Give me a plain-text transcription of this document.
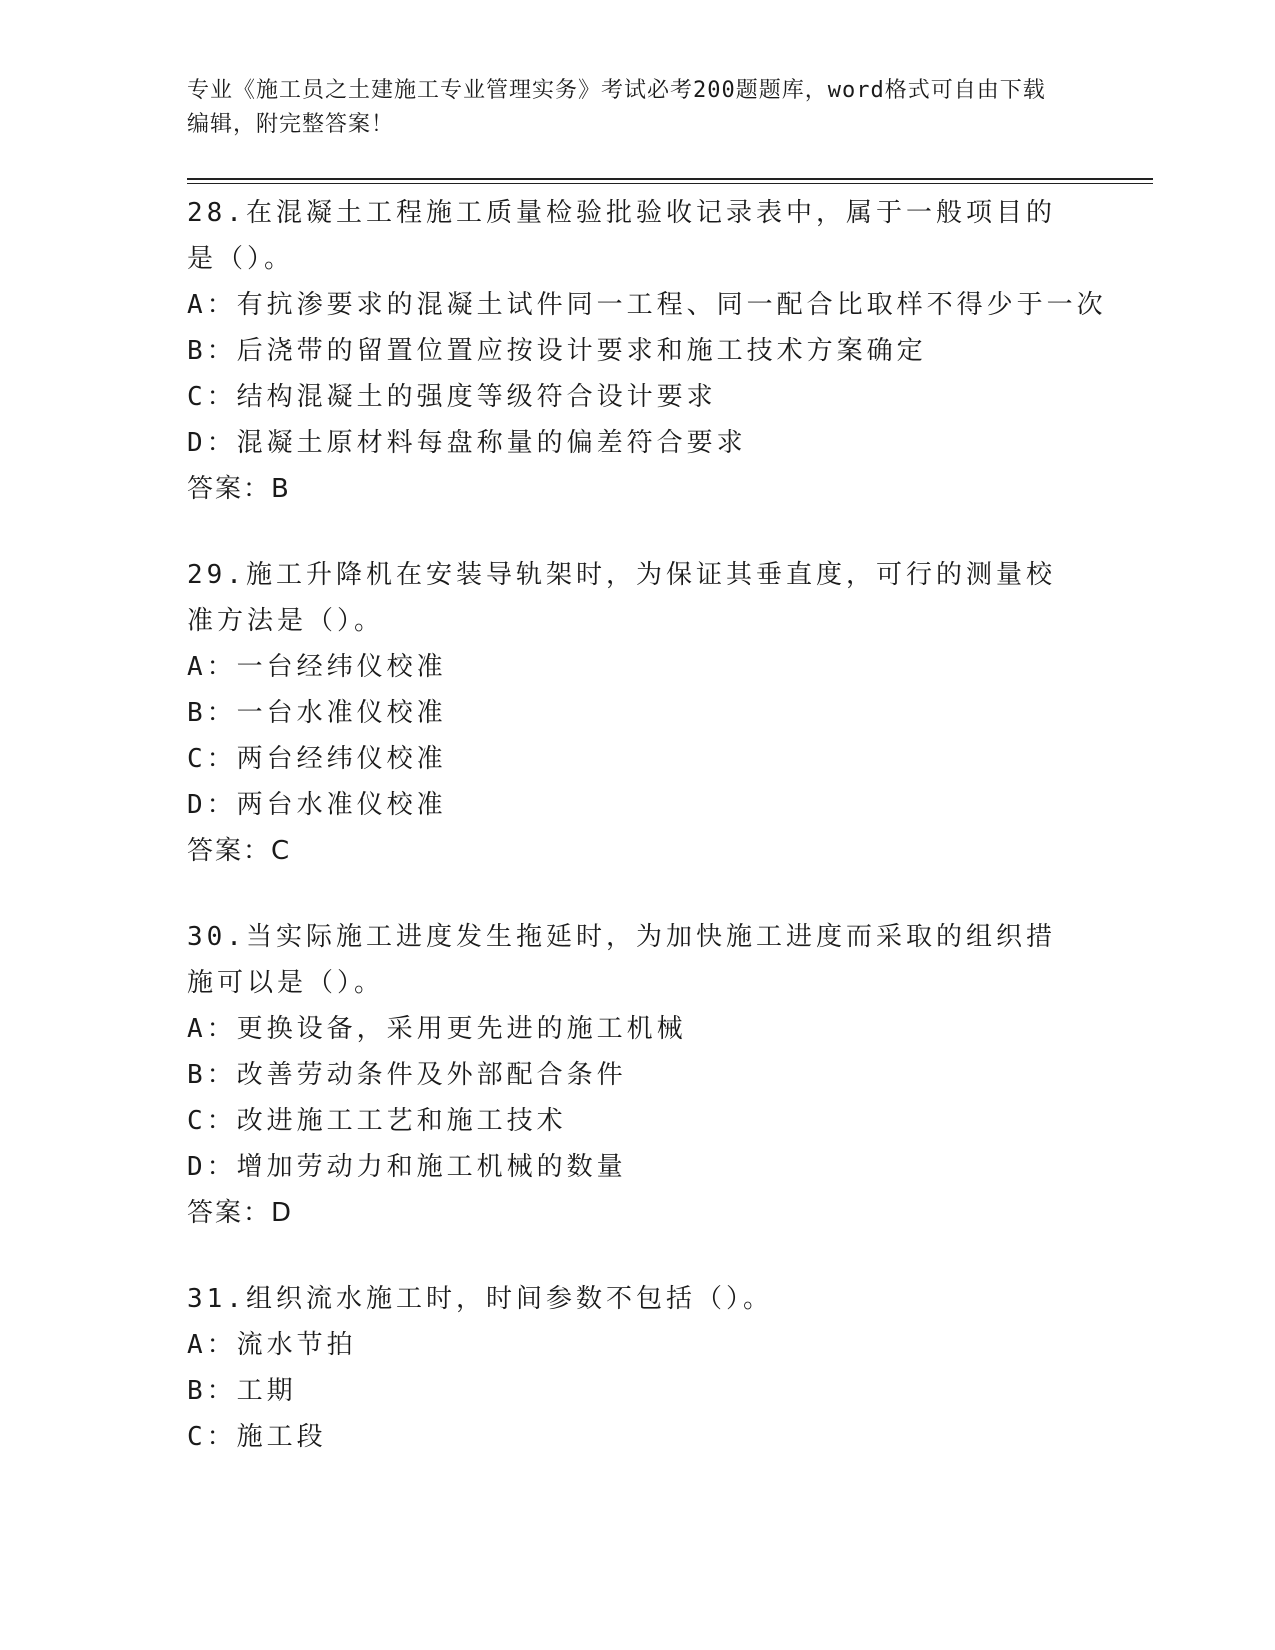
专业《施工员之土建施工专业管理实务》考试必考200题题库，word格式可自由下载编辑，附完整答案！

28.在混凝土工程施工质量检验批验收记录表中，属于一般项目的是（）。

A：有抗渗要求的混凝土试件同一工程、同一配合比取样不得少于一次

B：后浇带的留置位置应按设计要求和施工技术方案确定

C：结构混凝土的强度等级符合设计要求

D：混凝土原材料每盘称量的偏差符合要求

答案：B

29.施工升降机在安装导轨架时，为保证其垂直度，可行的测量校准方法是（）。

A：一台经纬仪校准

B：一台水准仪校准

C：两台经纬仪校准

D：两台水准仪校准

答案：C

30.当实际施工进度发生拖延时，为加快施工进度而采取的组织措施可以是（）。

A：更换设备，采用更先进的施工机械

B：改善劳动条件及外部配合条件

C：改进施工工艺和施工技术

D：增加劳动力和施工机械的数量

答案：D

31.组织流水施工时，时间参数不包括（）。

A：流水节拍

B：工期

C：施工段
